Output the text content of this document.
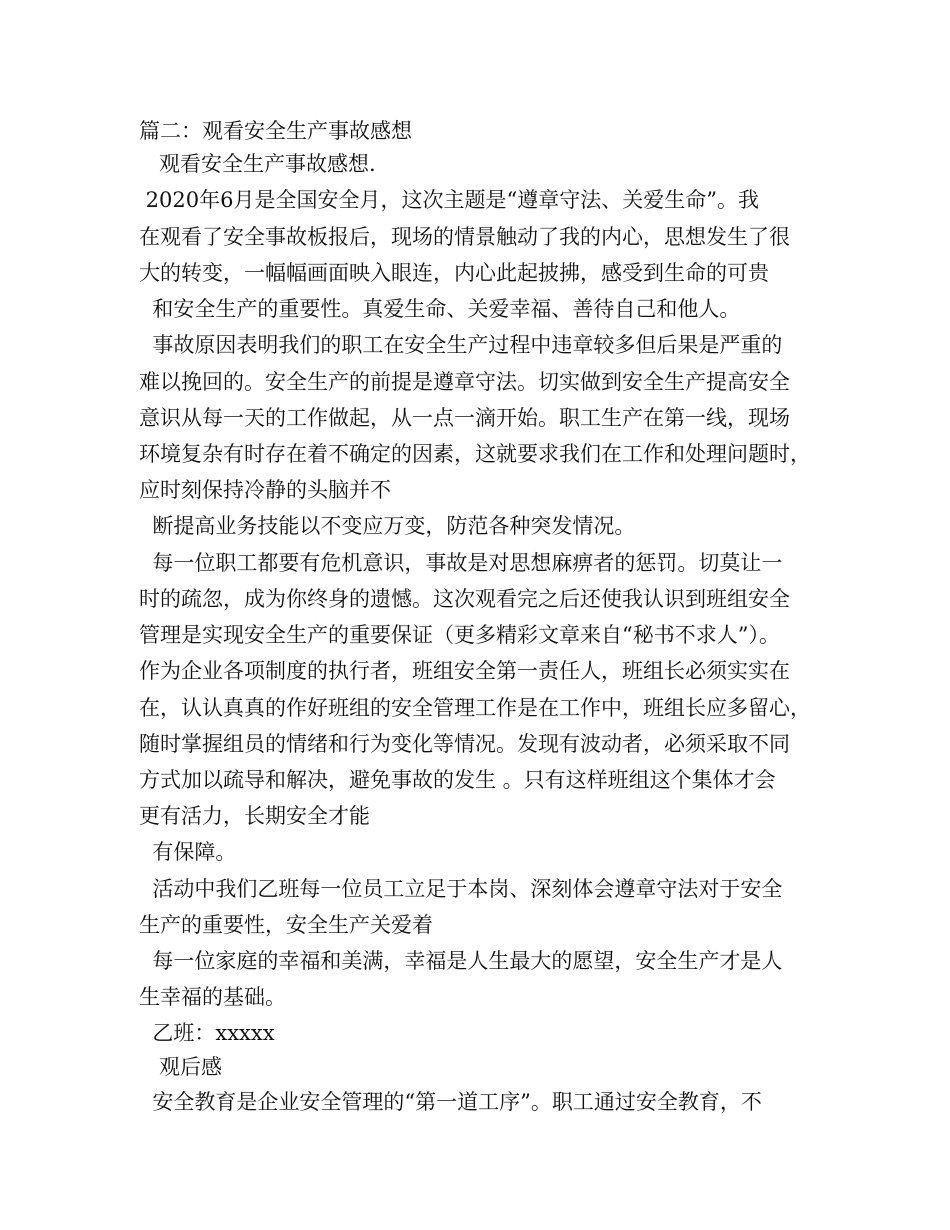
篇二：观看安全生产事故感想

观看安全生产事故感想.

2020年6月是全国安全月，这次主题是“遵章守法、关爱生命”。我

在观看了安全事故板报后，现场的情景触动了我的内心，思想发生了很

大的转变，一幅幅画面映入眼连，内心此起披拂，感受到生命的可贵

和安全生产的重要性。真爱生命、关爱幸福、善待自己和他人。

事故原因表明我们的职工在安全生产过程中违章较多但后果是严重的

难以挽回的。安全生产的前提是遵章守法。切实做到安全生产提高安全

意识从每一天的工作做起，从一点一滴开始。职工生产在第一线，现场

环境复杂有时存在着不确定的因素，这就要求我们在工作和处理问题时，

应时刻保持冷静的头脑并不

断提高业务技能以不变应万变，防范各种突发情况。

每一位职工都要有危机意识，事故是对思想麻痹者的惩罚。切莫让一

时的疏忽，成为你终身的遗憾。这次观看完之后还使我认识到班组安全

管理是实现安全生产的重要保证（更多精彩文章来自“秘书不求人”）。

作为企业各项制度的执行者，班组安全第一责任人，班组长必须实实在

在，认认真真的作好班组的安全管理工作是在工作中，班组长应多留心，

随时掌握组员的情绪和行为变化等情况。发现有波动者，必须采取不同

方式加以疏导和解决，避免事故的发生 。只有这样班组这个集体才会

更有活力，长期安全才能

有保障。

活动中我们乙班每一位员工立足于本岗、深刻体会遵章守法对于安全

生产的重要性，安全生产关爱着

每一位家庭的幸福和美满，幸福是人生最大的愿望，安全生产才是人

生幸福的基础。

乙班：xxxxx

观后感

安全教育是企业安全管理的“第一道工序”。职工通过安全教育，不
